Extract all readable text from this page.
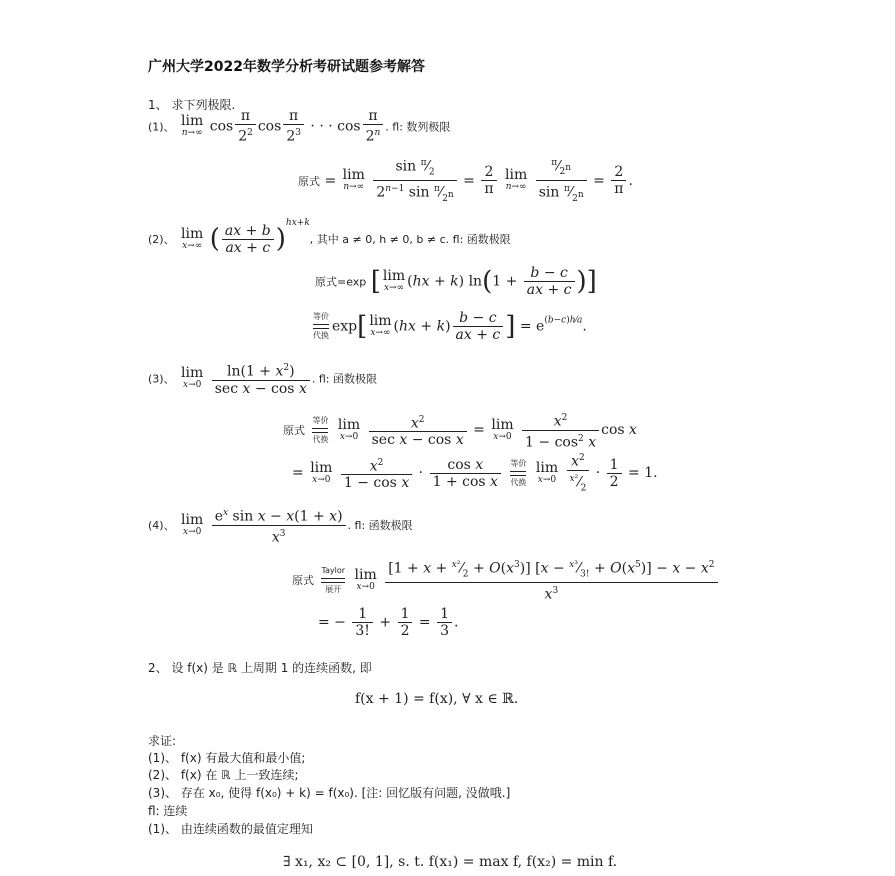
广州大学2022年数学分析考研试题参考解答
1、 求下列极限.
(1)、 lim
n→∞ $\cos \frac{\pi}{2^2}$ $\cos \frac{\pi}{2^3}$ · · · $\cos \frac{\pi}{2^n}$ . fl: 数列极限
原式 = lim
n→∞
$\frac{\sin ^\pi⁄_2}{2^{n-1} \sin ^\pi⁄_{2^n}} = \frac{2}{\pi}$
lim
n→∞
$\frac{^\pi⁄_{2^n}}{\sin ^\pi⁄_{2^n}} = \frac{2}{\pi}$ .
(2)、 lim
x→∞ ( $\frac{ax + b}{ax + c} )^{hx+k}$, 其中 a ≠ 0, h ≠ 0, b ≠ c. fl: 函数极限
原式=exp [ lim
x→∞ (hx + k) $\ln(1 + \frac{b - c}{ax + c}$ )]
等价
代换
exp[ lim
x→∞ $(hx + k) \frac{b - c}{ax + c}$ ] = $e^{(b-c)h⁄a}$.
(3)、 lim
x→0
$\frac{\ln(1 + x^2)}{\text{sec x − cos x}}$ . fl: 函数极限
原式
等价
代换

lim
x→0
$\frac{x^2}{\text{sec x − cos x}} = \lim$
x→0
$\frac{x^2}{1 - \cos^2 x}$ cos x
= lim
x→0
$\frac{x^2}{\text{1 − cos x}} \cdot \frac{\text{cos x}}{\text{1 + cos x}}$
等价
代换

lim
x→0
$\frac{x^2}{^{x^2}⁄_2} \cdot \frac{1}{2} = 1$.
(4)、 lim
x→0
$\frac{e^x \sin x - x(1 + x)}{x^3}$ . fl: 函数极限
原式
Taylor
展开

lim
x→0
$\frac{[1 + x + ^{x^2}⁄_2 + O(x^3)] [x - ^{x^3}⁄_{3!} + O(x^5)] - x - x^2}{x^3}$
= − $\frac{1}{3!} + \frac{1}{2} = \frac{1}{3}$ .
2、 设 f(x) 是 ℝ 上周期 1 的连续函数, 即
f(x + 1) = f(x), ∀ x ∈ ℝ.
求证:
(1)、 f(x) 有最大值和最小值;
(2)、 f(x) 在 ℝ 上一致连续;
(3)、 存在 x₀, 使得 f(x₀) + k) = f(x₀). [注: 回忆版有问题, 没做哦.]
fl: 连续
(1)、 由连续函数的最值定理知
∃ x₁, x₂ ⊂ [0, 1], s. t. f(x₁) = max f, f(x₂) = min f.
